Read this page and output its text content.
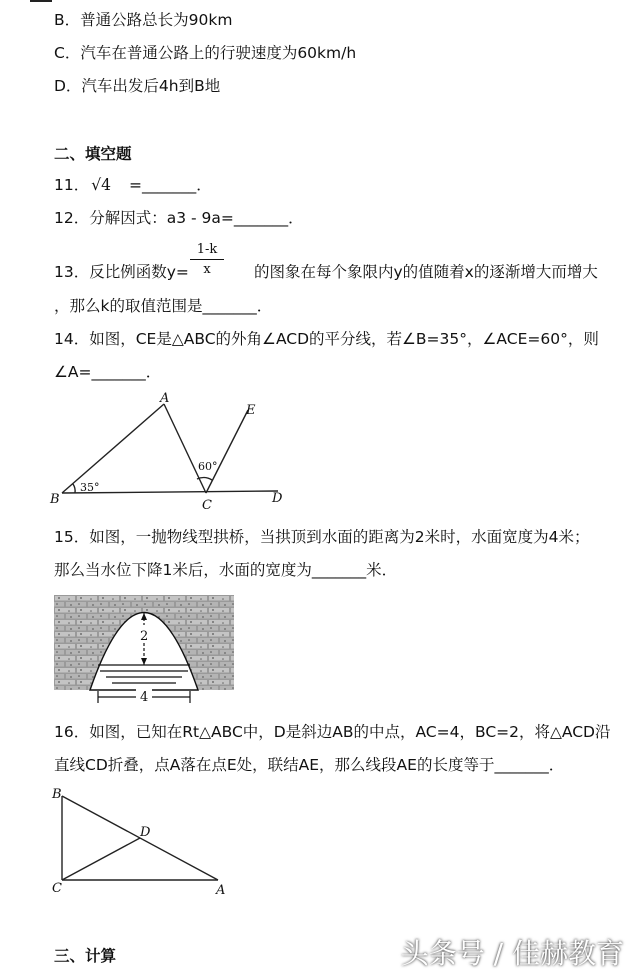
B．普通公路总长为90km
C．汽车在普通公路上的行驶速度为60km/h
D．汽车出发后4h到B地
二、填空题
11． √4 =_______．
12．分解因式：a3 - 9a=_______．
13．反比例函数y=
1-k
x	的图象在每个象限内y的值随着x的逐渐增大而增大
，那么k的取值范围是_______．
14．如图，CE是△ABC的外角∠ACD的平分线，若∠B=35°，∠ACE=60°，则
∠A=_______．
B
A
C	D
E
35°
60°
15．如图，一抛物线型拱桥，当拱顶到水面的距离为2米时，水面宽度为4米；
那么当水位下降1米后，水面的宽度为_______米．
2
4
16．如图，已知在Rt△ABC中，D是斜边AB的中点，AC=4，BC=2，将△ACD沿
直线CD折叠，点A落在点E处，联结AE，那么线段AE的长度等于_______．
B
C	A
D
三、计算	头条号 / 佳赫教育
